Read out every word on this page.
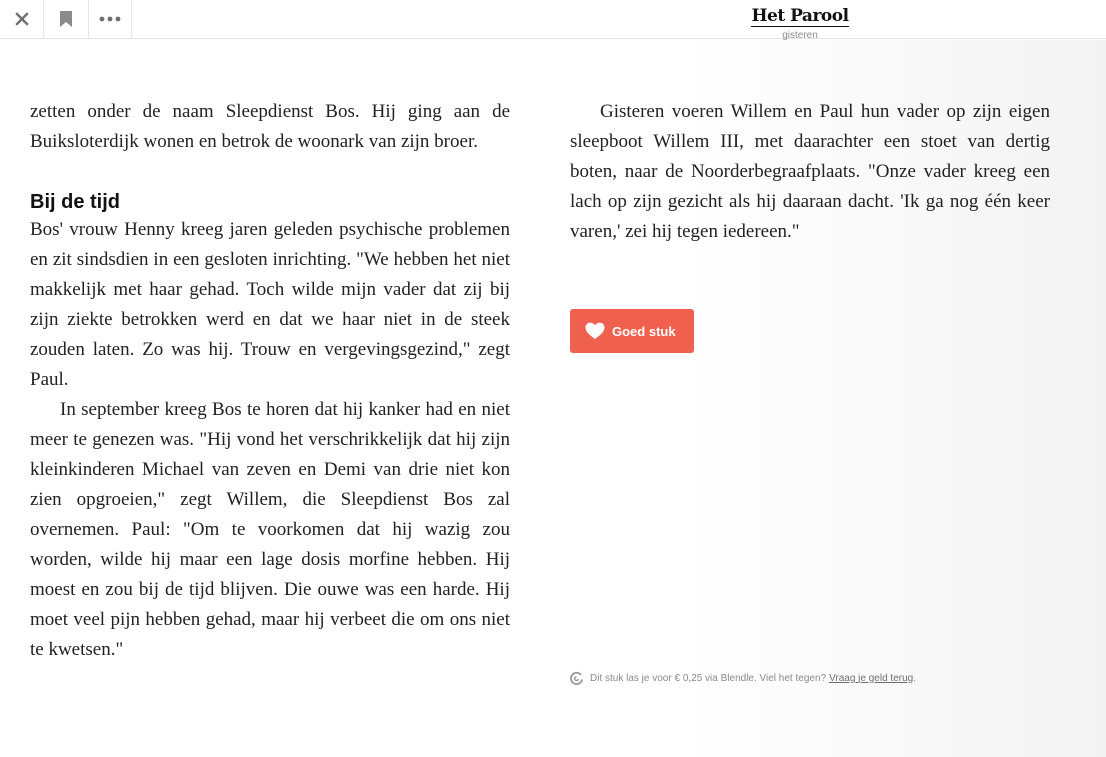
Het Parool
gisteren

zetten onder de naam Sleepdienst Bos. Hij ging aan de Buiksloterdijk wonen en betrok de woonark van zijn broer.

Bij de tijd

Bos' vrouw Henny kreeg jaren geleden psychische problemen en zit sindsdien in een gesloten inrichting. "We hebben het niet makkelijk met haar gehad. Toch wilde mijn vader dat zij bij zijn ziekte betrokken werd en dat we haar niet in de steek zouden laten. Zo was hij. Trouw en vergevingsgezind," zegt Paul.

In september kreeg Bos te horen dat hij kanker had en niet meer te genezen was. "Hij vond het verschrikkelijk dat hij zijn kleinkinderen Michael van zeven en Demi van drie niet kon zien opgroeien," zegt Willem, die Sleepdienst Bos zal overnemen. Paul: "Om te voorkomen dat hij wazig zou worden, wilde hij maar een lage dosis morfine hebben. Hij moest en zou bij de tijd blijven. Die ouwe was een harde. Hij moet veel pijn hebben gehad, maar hij verbeet die om ons niet te kwetsen."

Gisteren voeren Willem en Paul hun vader op zijn eigen sleepboot Willem III, met daarachter een stoet van dertig boten, naar de Noorderbegraafplaats. "Onze vader kreeg een lach op zijn gezicht als hij daaraan dacht. 'Ik ga nog één keer varen,' zei hij tegen iedereen."

Goed stuk
Dit stuk las je voor € 0,25 via Blendle. Viel het tegen? Vraag je geld terug .
